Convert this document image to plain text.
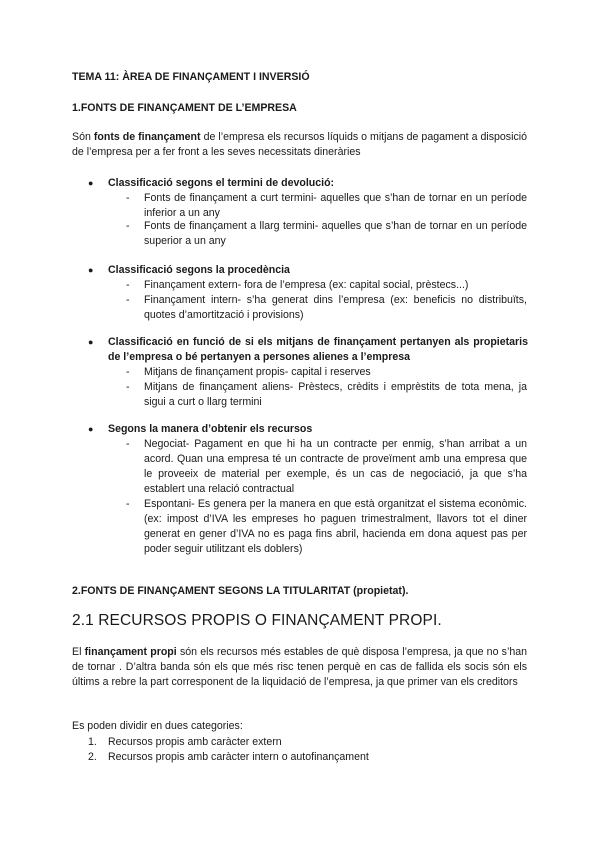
TEMA 11: ÀREA DE FINANÇAMENT I INVERSIÓ
1.FONTS DE FINANÇAMENT DE L’EMPRESA

Són fonts de finançament de l’empresa els recursos líquids o mitjans de pagament a disposició de l’empresa per a fer front a les seves necessitats dineràries

● Classificació segons el termini de devolució:
- Fonts de finançament a curt termini- aquelles que s’han de tornar en un període inferior a un any
- Fonts de finançament a llarg termini- aquelles que s’han de tornar en un període superior a un any
● Classificació segons la procedència
- Finançament extern- fora de l’empresa (ex: capital social, prèstecs...)
- Finançament intern- s’ha generat dins l’empresa (ex: beneficis no distribuïts, quotes d’amortització i provisions)
● Classificació en funció de si els mitjans de finançament pertanyen als propietaris de l’empresa o bé pertanyen a persones alienes a l’empresa
- Mitjans de finançament propis- capital i reserves
- Mitjans de finançament aliens- Prèstecs, crèdits i emprèstits de tota mena, ja sigui a curt o llarg termini
● Segons la manera d’obtenir els recursos
- Negociat- Pagament en que hi ha un contracte per enmig, s’han arribat a un acord. Quan una empresa té un contracte de proveïment amb una empresa que le proveeix de material per exemple, és un cas de negociació, ja que s’ha establert una relació contractual
- Espontani- Es genera per la manera en que està organitzat el sistema econòmic. (ex: impost d’IVA les empreses ho paguen trimestralment, llavors tot el diner generat en gener d’IVA no es paga fins abril, hacienda em dona aquest pas per poder seguir utilitzant els doblers)
2.FONTS DE FINANÇAMENT SEGONS LA TITULARITAT (propietat).
2.1 RECURSOS PROPIS O FINANÇAMENT PROPI.

El finançament propi són els recursos més estables de què disposa l’empresa, ja que no s’han de tornar . D’altra banda són els que més risc tenen perquè en cas de fallida els socis són els últims a rebre la part corresponent de la liquidació de l’empresa, ja que primer van els creditors

Es poden dividir en dues categories:
1. Recursos propis amb caràcter extern
2. Recursos propis amb caràcter intern o autofinançament
